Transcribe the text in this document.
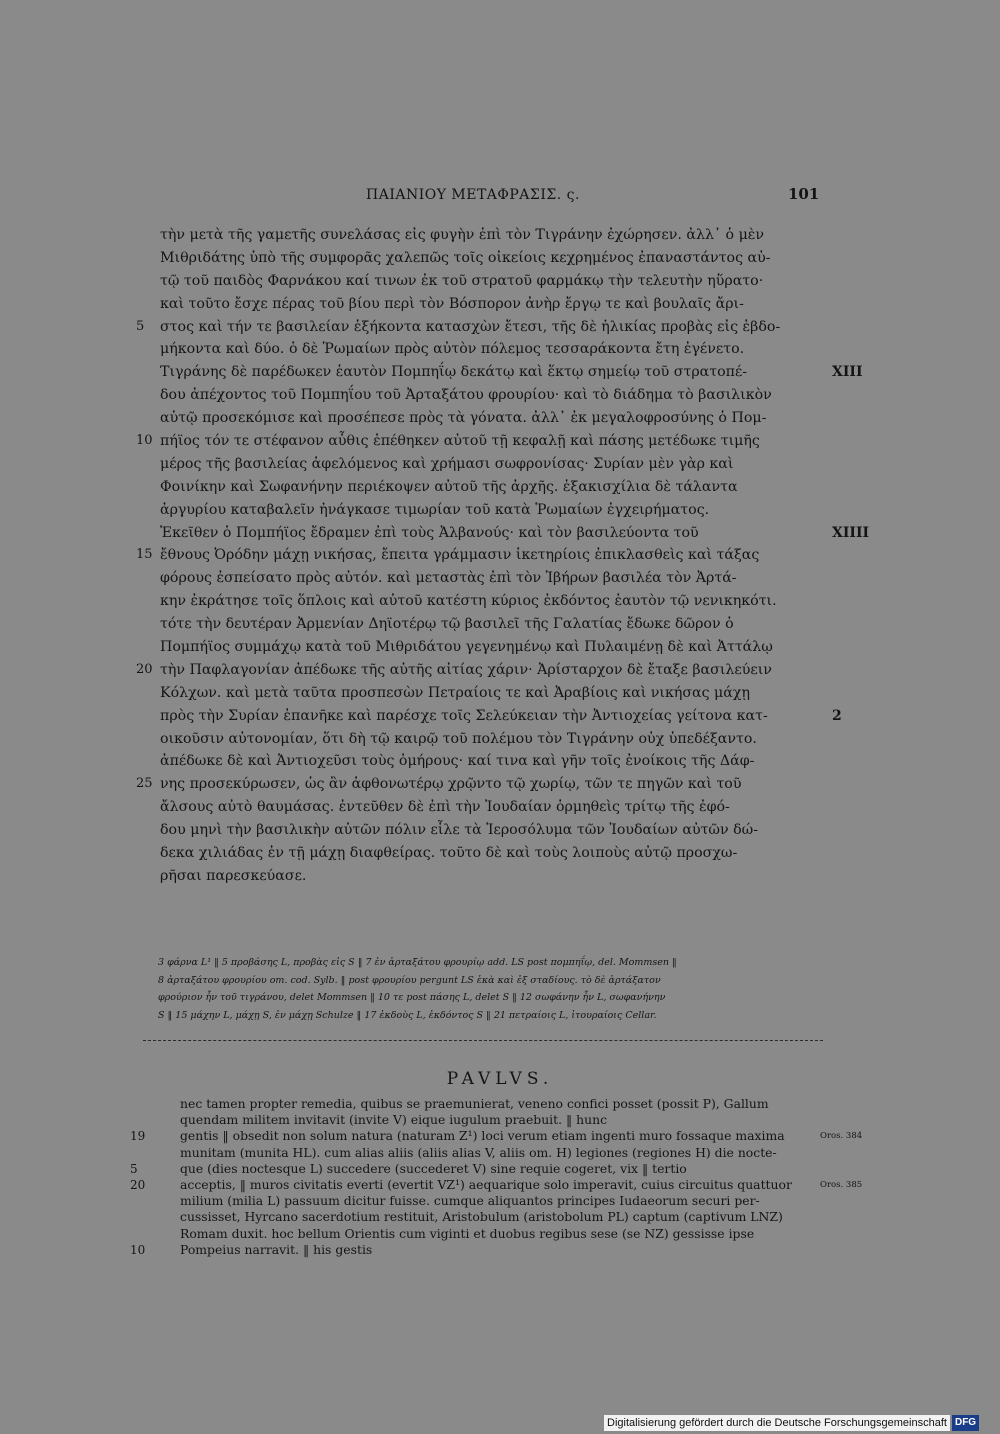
ΠΑΙΑΝΙΟΥ ΜΕΤΑΦΡΑΣΙΣ. ς.	101
τὴν μετὰ τῆς γαμετῆς συνελάσας εἰς φυγὴν ἐπὶ τὸν Τιγράνην ἐχώρησεν. ἀλλ᾽ ὁ μὲν
Μιθριδάτης ὑπὸ τῆς συμφορᾶς χαλεπῶς τοῖς οἰκείοις κεχρημένος ἐπαναστάντος αὐ-
τῷ τοῦ παιδὸς Φαρνάκου καί τινων ἐκ τοῦ στρατοῦ φαρμάκῳ τὴν τελευτὴν ηὕρατο·
καὶ τοῦτο ἔσχε πέρας τοῦ βίου περὶ τὸν Βόσπορον ἀνὴρ ἔργῳ τε καὶ βουλαῖς ἄρι-
5 στος καὶ τήν τε βασιλείαν ἑξήκοντα κατασχὼν ἔτεσι, τῆς δὲ ἡλικίας προβὰς εἰς ἑβδο-
μήκοντα καὶ δύο. ὁ δὲ Ῥωμαίων πρὸς αὐτὸν πόλεμος τεσσαράκοντα ἔτη ἐγένετο.
Τιγράνης δὲ παρέδωκεν ἑαυτὸν Πομπηΐῳ δεκάτῳ καὶ ἕκτῳ σημείῳ τοῦ στρατοπέ-	XIII
δου ἀπέχοντος τοῦ Πομπηΐου τοῦ Ἀρταξάτου φρουρίου· καὶ τὸ διάδημα τὸ βασιλικὸν
αὐτῷ προσεκόμισε καὶ προσέπεσε πρὸς τὰ γόνατα. ἀλλ᾽ ἐκ μεγαλοφροσύνης ὁ Πομ-
10 πήϊος τόν τε στέφανον αὖθις ἐπέθηκεν αὐτοῦ τῇ κεφαλῇ καὶ πάσης μετέδωκε τιμῆς
μέρος τῆς βασιλείας ἀφελόμενος καὶ χρήμασι σωφρονίσας· Συρίαν μὲν γὰρ καὶ
Φοινίκην καὶ Σωφανήνην περιέκοψεν αὐτοῦ τῆς ἀρχῆς. ἑξακισχίλια δὲ τάλαντα
ἀργυρίου καταβαλεῖν ἠνάγκασε τιμωρίαν τοῦ κατὰ Ῥωμαίων ἐγχειρήματος.
Ἐκεῖθεν ὁ Πομπήϊος ἔδραμεν ἐπὶ τοὺς Ἀλβανούς· καὶ τὸν βασιλεύοντα τοῦ	XIIII
15 ἔθνους Ὀρόδην μάχῃ νικήσας, ἔπειτα γράμμασιν ἱκετηρίοις ἐπικλασθεὶς καὶ τάξας
φόρους ἐσπείσατο πρὸς αὐτόν. καὶ μεταστὰς ἐπὶ τὸν Ἰβήρων βασιλέα τὸν Ἀρτά-
κην ἐκράτησε τοῖς ὅπλοις καὶ αὐτοῦ κατέστη κύριος ἐκδόντος ἑαυτὸν τῷ νενικηκότι.
τότε τὴν δευτέραν Ἀρμενίαν Δηϊοτέρῳ τῷ βασιλεῖ τῆς Γαλατίας ἔδωκε δῶρον ὁ
Πομπήϊος συμμάχῳ κατὰ τοῦ Μιθριδάτου γεγενημένῳ καὶ Πυλαιμένῃ δὲ καὶ Ἀττάλῳ
20 τὴν Παφλαγονίαν ἀπέδωκε τῆς αὐτῆς αἰτίας χάριν· Ἀρίσταρχον δὲ ἔταξε βασιλεύειν
Κόλχων. καὶ μετὰ ταῦτα προσπεσὼν Πετραίοις τε καὶ Ἀραβίοις καὶ νικήσας μάχῃ
πρὸς τὴν Συρίαν ἐπανῆκε καὶ παρέσχε τοῖς Σελεύκειαν τὴν Ἀντιοχείας γείτονα κατ-	2
οικοῦσιν αὐτονομίαν, ὅτι δὴ τῷ καιρῷ τοῦ πολέμου τὸν Τιγράνην οὐχ ὑπεδέξαντο.
ἀπέδωκε δὲ καὶ Ἀντιοχεῦσι τοὺς ὁμήρους· καί τινα καὶ γῆν τοῖς ἐνοίκοις τῆς Δάφ-
25 νης προσεκύρωσεν, ὡς ἂν ἀφθονωτέρῳ χρῷντο τῷ χωρίῳ, τῶν τε πηγῶν καὶ τοῦ
ἄλσους αὐτὸ θαυμάσας. ἐντεῦθεν δὲ ἐπὶ τὴν Ἰουδαίαν ὁρμηθεὶς τρίτῳ τῆς ἐφό-
δου μηνὶ τὴν βασιλικὴν αὐτῶν πόλιν εἷλε τὰ Ἱεροσόλυμα τῶν Ἰουδαίων αὐτῶν δώ-
δεκα χιλιάδας ἐν τῇ μάχῃ διαφθείρας. τοῦτο δὲ καὶ τοὺς λοιποὺς αὐτῷ προσχω-
ρῆσαι παρεσκεύασε.
3 φάρνα L¹ ‖ 5 προβάσης L, προβὰς εἰς S ‖ 7 ἐν ἀρταξάτου φρουρίῳ add. LS post πομπηΐῳ, del. Mommsen ‖
8 ἀρταξάτου φρουρίου om. cod. Sylb. ‖ post φρουρίου pergunt LS ἑκὰ καὶ ἐξ σταδίους. τὸ δὲ ἀρτάξατον
φρούριον ἦν τοῦ τιγράνου, delet Mommsen ‖ 10 τε post πάσης L, delet S ‖ 12 σωφάνην ἦν L, σωφανήνην
S ‖ 15 μάχην L, μάχῃ S, ἐν μάχῃ Schulze ‖ 17 ἐκδοὺς L, ἐκδόντος S ‖ 21 πετραίοις L, ἰτουραίοις Cellar.
PAVLVS.
nec tamen propter remedia, quibus se praemunierat, veneno confici posset (possit P), Gallum
quendam militem invitavit (invite V) eique iugulum praebuit. ‖ hunc
19	gentis ‖ obsedit non solum natura (naturam Z¹) loci verum etiam ingenti muro fossaque maxima	Oros. 384
munitam (munita HL). cum alias aliis (aliis alias V, aliis om. H) legiones (regiones H) die nocte-
5	que (dies noctesque L) succedere (succederet V) sine requie cogeret, vix ‖ tertio
20	acceptis, ‖ muros civitatis everti (evertit VZ¹) aequarique solo imperavit, cuius circuitus quattuor	Oros. 385
milium (milia L) passuum dicitur fuisse. cumque aliquantos principes Iudaeorum securi per-
cussisset, Hyrcano sacerdotium restituit, Aristobulum (aristobolum PL) captum (captivum LNZ)
Romam duxit. hoc bellum Orientis cum viginti et duobus regibus sese (se NZ) gessisse ipse
10	Pompeius narravit. ‖ his gestis
Digitalisierung gefördert durch die Deutsche Forschungsgemeinschaft DFG
